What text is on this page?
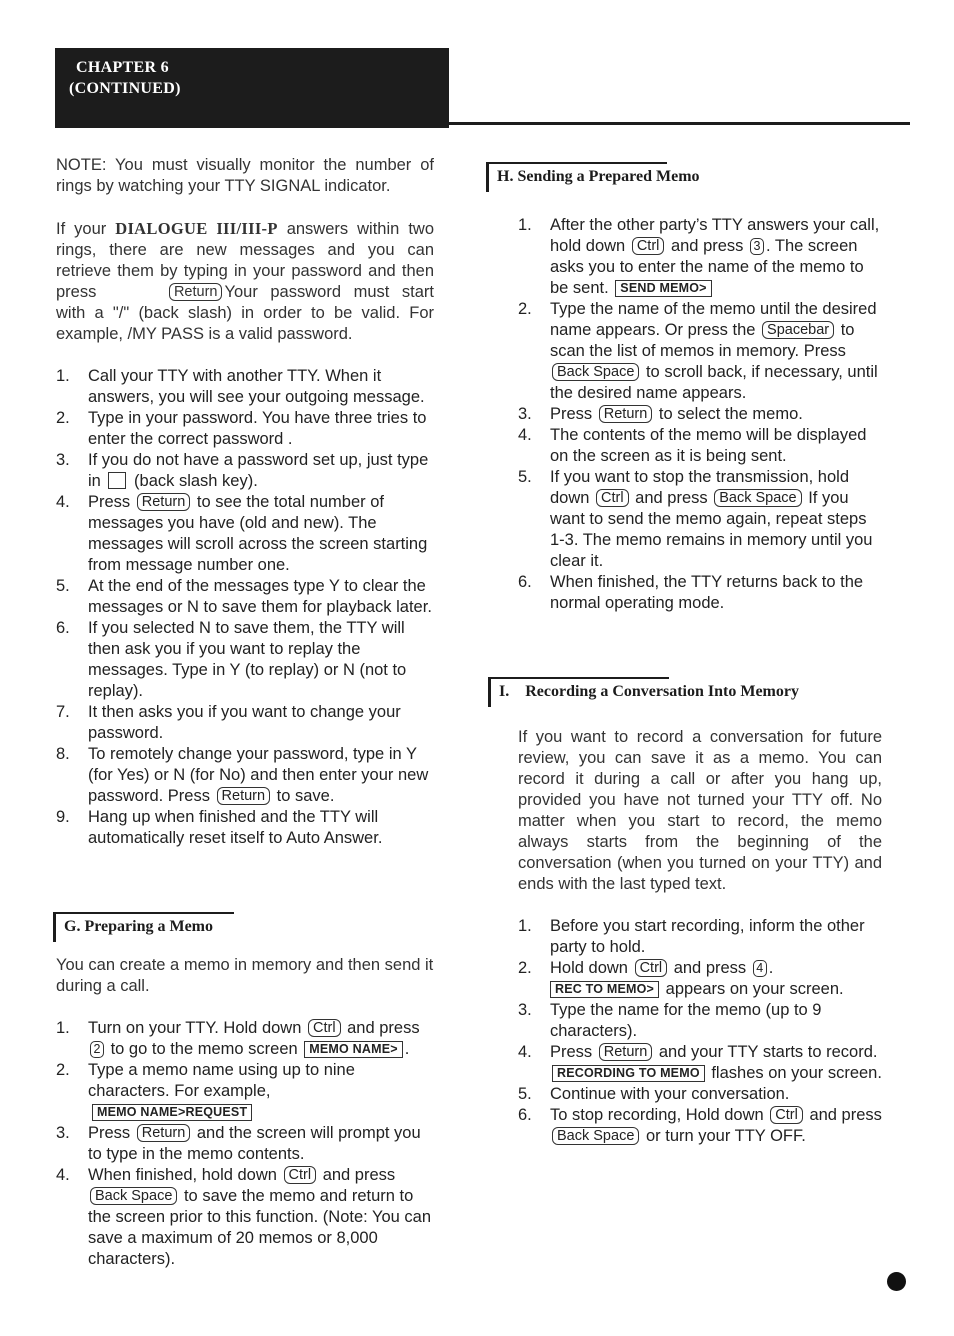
CHAPTER 6
(CONTINUED)

NOTE: You must visually monitor the number of rings by watching your TTY SIGNAL indicator.

If your DIALOGUE III/III-P answers within two rings, there are new messages and you can retrieve them by typing in your password and then press	Return Your password must start with a "/" (back slash) in order to be valid. For example, /MY PASS is a valid password.

1. Call your TTY with another TTY. When it answers, you will see your outgoing message.
2. Type in your password. You have three tries to enter the correct password .
3. If you do not have a password set up, just type in  (back slash key).
4. Press Return to see the total number of messages you have (old and new). The messages will scroll across the screen starting from message number one.
5. At the end of the messages type Y to clear the messages or N to save them for playback later.
6. If you selected N to save them, the TTY will then ask you if you want to replay the messages. Type in Y (to replay) or N (not to replay).
7. It then asks you if you want to change your password.
8. To remotely change your password, type in Y (for Yes) or N (for No) and then enter your new password. Press Return to save.
9. Hang up when finished and the TTY will automatically reset itself to Auto Answer.
G. Preparing a Memo

You can create a memo in memory and then send it during a call.

1. Turn on your TTY. Hold down Ctrl and press 2 to go to the memo screen MEMO NAME> .
2. Type a memo name using up to nine characters. For example,
MEMO NAME>REQUEST
3. Press Return and the screen will prompt you to type in the memo contents.
4. When finished, hold down Ctrl and press Back Space to save the memo and return to the screen prior to this function. (Note: You can save a maximum of 20 memos or 8,000 characters).
H. Sending a Prepared Memo
1. After the other party’s TTY answers your call, hold down Ctrl and press 3 . The screen asks you to enter the name of the memo to be sent. SEND MEMO>
2. Type the name of the memo until the desired name appears. Or press the Spacebar to scan the list of memos in memory. Press Back Space to scroll back, if necessary, until the desired name appears.
3. Press Return to select the memo.
4. The contents of the memo will be displayed on the screen as it is being sent.
5. If you want to stop the transmission, hold down Ctrl and press Back Space If you want to send the memo again, repeat steps 1-3. The memo remains in memory until you clear it.
6. When finished, the TTY returns back to the normal operating mode.
I.    Recording a Conversation Into Memory

If you want to record a conversation for future review, you can save it as a memo. You can record it during a call or after you hang up, provided you have not turned your TTY off. No matter when you start to record, the memo always starts from the beginning of the conversation (when you turned on your TTY) and ends with the last typed text.

1. Before you start recording, inform the other party to hold.
2. Hold down Ctrl and press 4 .
REC TO MEMO> appears on your screen.
3. Type the name for the memo (up to 9 characters).
4. Press Return and your TTY starts to record. RECORDING TO MEMO flashes on your screen.
5. Continue with your conversation.
6. To stop recording, Hold down Ctrl and press Back Space or turn your TTY OFF.
